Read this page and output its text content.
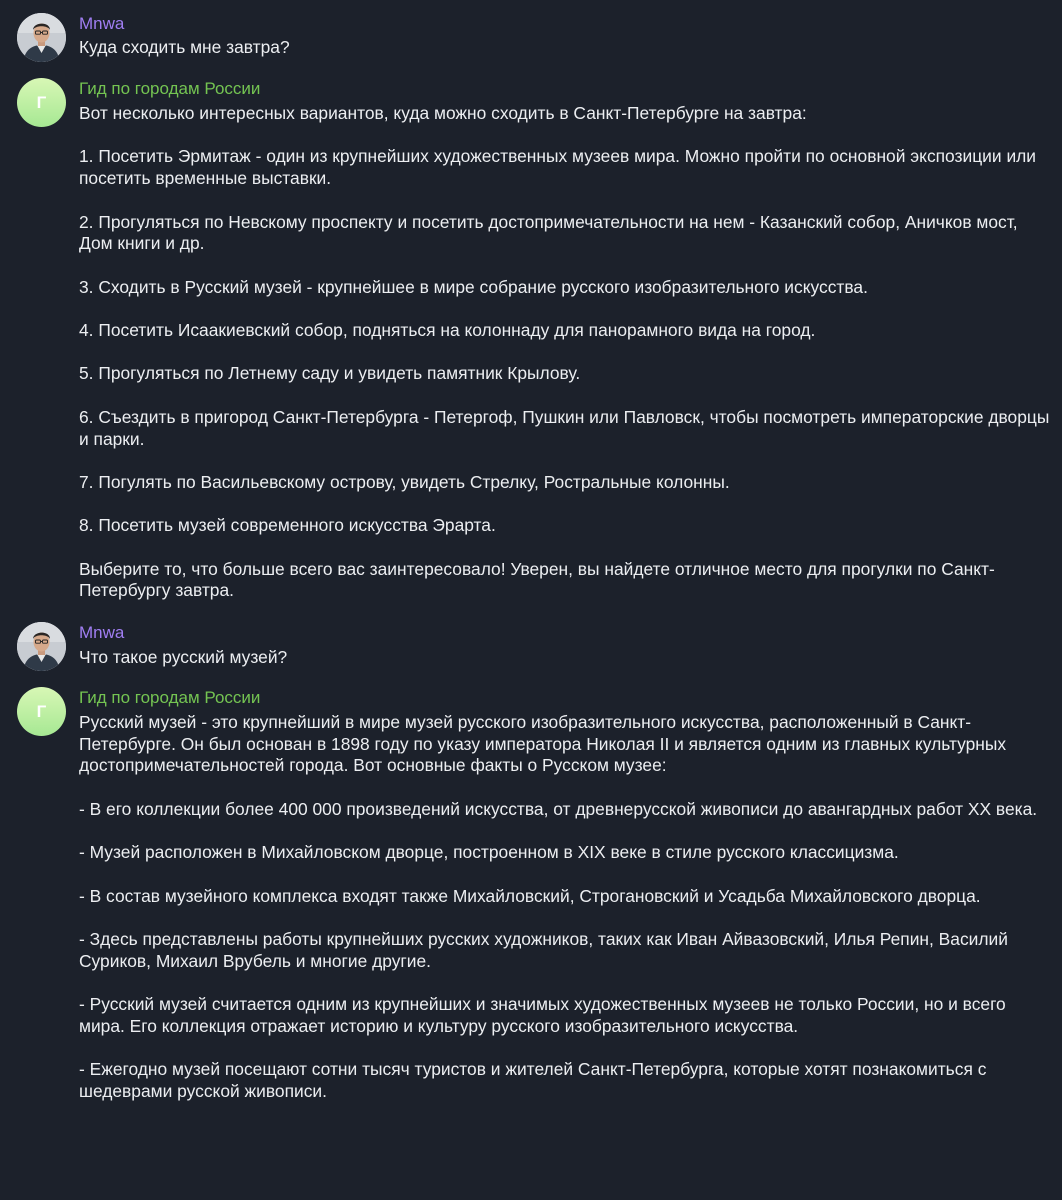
Mnwa
Куда сходить мне завтра?
Г
Гид по городам России
Вот несколько интересных вариантов, куда можно сходить в Санкт-Петербурге на завтра:

1. Посетить Эрмитаж - один из крупнейших художественных музеев мира. Можно пройти по основной экспозиции или посетить временные выставки.

2. Прогуляться по Невскому проспекту и посетить достопримечательности на нем - Казанский собор, Аничков мост, Дом книги и др.

3. Сходить в Русский музей - крупнейшее в мире собрание русского изобразительного искусства.

4. Посетить Исаакиевский собор, подняться на колоннаду для панорамного вида на город.

5. Прогуляться по Летнему саду и увидеть памятник Крылову.

6. Съездить в пригород Санкт-Петербурга - Петергоф, Пушкин или Павловск, чтобы посмотреть императорские дворцы и парки.

7. Погулять по Васильевскому острову, увидеть Стрелку, Ростральные колонны.

8. Посетить музей современного искусства Эрарта.

Выберите то, что больше всего вас заинтересовало! Уверен, вы найдете отличное место для прогулки по Санкт-Петербургу завтра.
Mnwa
Что такое русский музей?
Г
Гид по городам России
Русский музей - это крупнейший в мире музей русского изобразительного искусства, расположенный в Санкт-Петербурге. Он был основан в 1898 году по указу императора Николая II и является одним из главных культурных достопримечательностей города. Вот основные факты о Русском музее:

- В его коллекции более 400 000 произведений искусства, от древнерусской живописи до авангардных работ XX века.

- Музей расположен в Михайловском дворце, построенном в XIX веке в стиле русского классицизма.

- В состав музейного комплекса входят также Михайловский, Строгановский и Усадьба Михайловского дворца.

- Здесь представлены работы крупнейших русских художников, таких как Иван Айвазовский, Илья Репин, Василий Суриков, Михаил Врубель и многие другие.

- Русский музей считается одним из крупнейших и значимых художественных музеев не только России, но и всего мира. Его коллекция отражает историю и культуру русского изобразительного искусства.

- Ежегодно музей посещают сотни тысяч туристов и жителей Санкт-Петербурга, которые хотят познакомиться с шедеврами русской живописи.
